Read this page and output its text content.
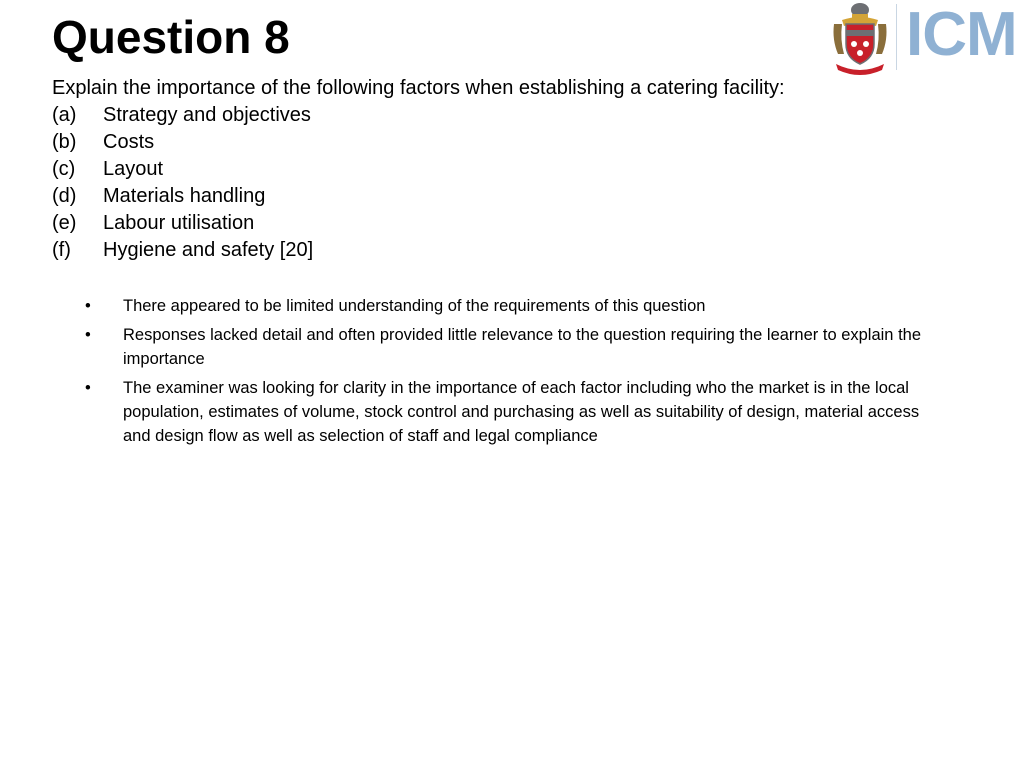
Question 8
Explain the importance of the following factors when establishing a catering facility:
(a)	Strategy and objectives
(b)	Costs
(c)	Layout
(d)	Materials handling
(e)	Labour utilisation
(f)	Hygiene and safety [20]
•	There appeared to be limited understanding of the requirements of this question
•	Responses lacked detail and often provided little relevance to the question requiring the learner to explain the importance
•	The examiner was looking for clarity in the importance of each factor including who the market is in the local population, estimates of volume, stock control and purchasing as well as suitability of design, material access and design flow as well as selection of staff and legal compliance
ICM
